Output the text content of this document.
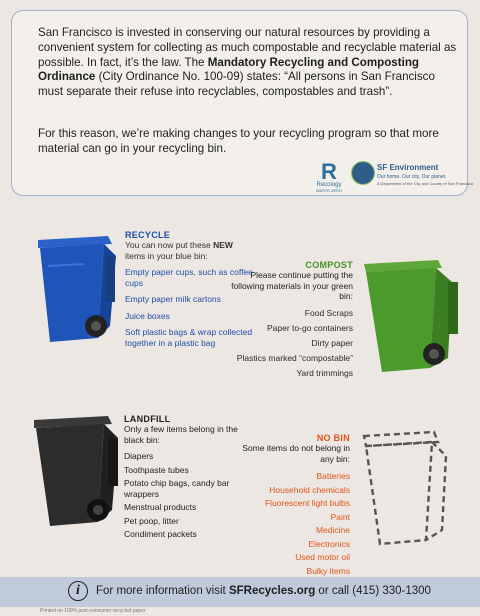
San Francisco is invested in conserving our natural resources by providing a convenient system for collecting as much compostable and recyclable material as possible. In fact, it’s the law. The Mandatory Recycling and Composting Ordinance (City Ordinance No. 100-09) states: “All persons in San Francisco must separate their refuse into recyclables, compostables and trash”.

For this reason, we’re making changes to your recycling program so that more material can go in your recycling bin.

R
Recology
WASTE ZERO
SF Environment
Our home. Our city. Our planet.
A Department of the City and County of San Francisco
RECYCLE
You can now put these NEW items in your blue bin:
Empty paper cups, such as coffee cups
Empty paper milk cartons
Juice boxes
Soft plastic bags & wrap collected together in a plastic bag
COMPOST
Please continue putting the following materials in your green bin:
Food Scraps
Paper to-go containers
Dirty paper
Plastics marked “compostable”
Yard trimmings
LANDFILL
Only a few items belong in the black bin:
Diapers
Toothpaste tubes
Potato chip bags, candy bar wrappers
Menstrual products
Pet poop, litter
Condiment packets
NO BIN
Some items do not belong in any bin:
Batteries
Household chemicals
Fluorescent light bulbs
Paint
Medicine
Electronics
Used motor oil
Bulky items
i	For more information visit SFRecycles.org or call (415) 330-1300
Printed on 100% post-consumer recycled paper
